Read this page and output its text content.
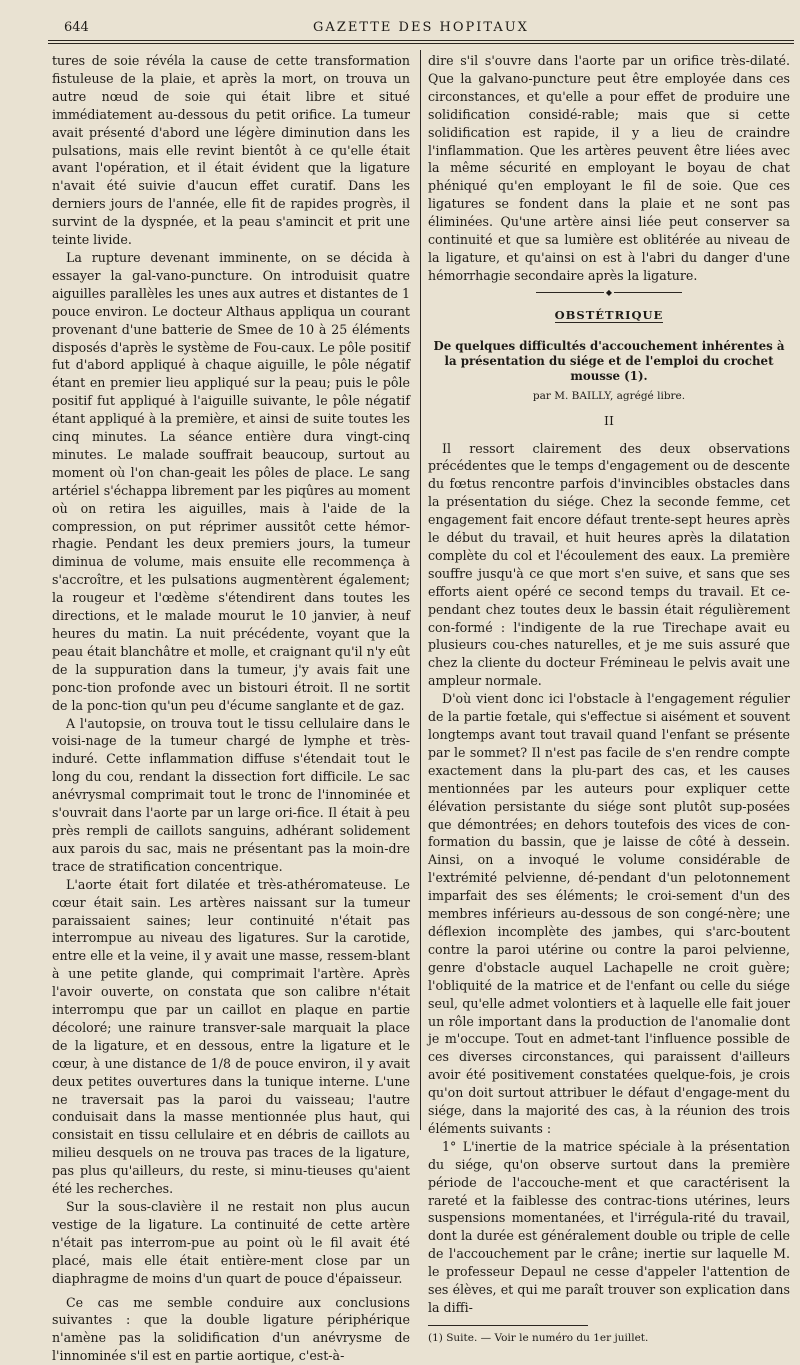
644	GAZETTE DES HOPITAUX

tures de soie révéla la cause de cette transformation fistuleuse de la plaie, et après la mort, on trouva un autre nœud de soie qui était libre et situé immédiatement au-dessous du petit orifice. La tumeur avait présenté d'abord une légère diminution dans les pulsations, mais elle revint bientôt à ce qu'elle était avant l'opération, et il était évident que la ligature n'avait été suivie d'aucun effet curatif. Dans les derniers jours de l'année, elle fit de rapides progrès, il survint de la dyspnée, et la peau s'amincit et prit une teinte livide.

La rupture devenant imminente, on se décida à essayer la gal-vano-puncture. On introduisit quatre aiguilles parallèles les unes aux autres et distantes de 1 pouce environ. Le docteur Althaus appliqua un courant provenant d'une batterie de Smee de 10 à 25 éléments disposés d'après le système de Fou-caux. Le pôle positif fut d'abord appliqué à chaque aiguille, le pôle négatif étant en premier lieu appliqué sur la peau; puis le pôle positif fut appliqué à l'aiguille suivante, le pôle négatif étant appliqué à la première, et ainsi de suite toutes les cinq minutes. La séance entière dura vingt-cinq minutes. Le malade souffrait beaucoup, surtout au moment où l'on chan-geait les pôles de place. Le sang artériel s'échappa librement par les piqûres au moment où on retira les aiguilles, mais à l'aide de la compression, on put réprimer aussitôt cette hémor-rhagie. Pendant les deux premiers jours, la tumeur diminua de volume, mais ensuite elle recommença à s'accroître, et les pulsations augmentèrent également; la rougeur et l'œdème s'étendirent dans toutes les directions, et le malade mourut le 10 janvier, à neuf heures du matin. La nuit précédente, voyant que la peau était blanchâtre et molle, et craignant qu'il n'y eût de la suppuration dans la tumeur, j'y avais fait une ponc-tion profonde avec un bistouri étroit. Il ne sortit de la ponc-tion qu'un peu d'écume sanglante et de gaz.

A l'autopsie, on trouva tout le tissu cellulaire dans le voisi-nage de la tumeur chargé de lymphe et très-induré. Cette inflammation diffuse s'étendait tout le long du cou, rendant la dissection fort difficile. Le sac anévrysmal comprimait tout le tronc de l'innominée et s'ouvrait dans l'aorte par un large ori-fice. Il était à peu près rempli de caillots sanguins, adhérant solidement aux parois du sac, mais ne présentant pas la moin-dre trace de stratification concentrique.

L'aorte était fort dilatée et très-athéromateuse. Le cœur était sain. Les artères naissant sur la tumeur paraissaient saines; leur continuité n'était pas interrompue au niveau des ligatures. Sur la carotide, entre elle et la veine, il y avait une masse, ressem-blant à une petite glande, qui comprimait l'artère. Après l'avoir ouverte, on constata que son calibre n'était interrompu que par un caillot en plaque en partie décoloré; une rainure transver-sale marquait la place de la ligature, et en dessous, entre la ligature et le cœur, à une distance de 1/8 de pouce environ, il y avait deux petites ouvertures dans la tunique interne. L'une ne traversait pas la paroi du vaisseau; l'autre conduisait dans la masse mentionnée plus haut, qui consistait en tissu cellulaire et en débris de caillots au milieu desquels on ne trouva pas traces de la ligature, pas plus qu'ailleurs, du reste, si minu-tieuses qu'aient été les recherches.

Sur la sous-clavière il ne restait non plus aucun vestige de la ligature. La continuité de cette artère n'était pas interrom-pue au point où le fil avait été placé, mais elle était entière-ment close par un diaphragme de moins d'un quart de pouce d'épaisseur.

Ce cas me semble conduire aux conclusions suivantes : que la double ligature périphérique n'amène pas la solidification d'un anévrysme de l'innominée s'il est en partie aortique, c'est-à-

dire s'il s'ouvre dans l'aorte par un orifice très-dilaté. Que la galvano-puncture peut être employée dans ces circonstances, et qu'elle a pour effet de produire une solidification considé-rable; mais que si cette solidification est rapide, il y a lieu de craindre l'inflammation. Que les artères peuvent être liées avec la même sécurité en employant le boyau de chat phéniqué qu'en employant le fil de soie. Que ces ligatures se fondent dans la plaie et ne sont pas éliminées. Qu'une artère ainsi liée peut conserver sa continuité et que sa lumière est oblitérée au niveau de la ligature, et qu'ainsi on est à l'abri du danger d'une hémorrhagie secondaire après la ligature.

◆
OBSTÉTRIQUE
De quelques difficultés d'accouchement inhérentes à la présentation du siége et de l'emploi du crochet mousse (1).
par M. BAILLY, agrégé libre.
II

Il ressort clairement des deux observations précédentes que le temps d'engagement ou de descente du fœtus rencontre parfois d'invincibles obstacles dans la présentation du siége. Chez la seconde femme, cet engagement fait encore défaut trente-sept heures après le début du travail, et huit heures après la dilatation complète du col et l'écoulement des eaux. La première souffre jusqu'à ce que mort s'en suive, et sans que ses efforts aient opéré ce second temps du travail. Et ce-pendant chez toutes deux le bassin était régulièrement con-formé : l'indigente de la rue Tirechape avait eu plusieurs cou-ches naturelles, et je me suis assuré que chez la cliente du docteur Frémineau le pelvis avait une ampleur normale.

D'où vient donc ici l'obstacle à l'engagement régulier de la partie fœtale, qui s'effectue si aisément et souvent longtemps avant tout travail quand l'enfant se présente par le sommet? Il n'est pas facile de s'en rendre compte exactement dans la plu-part des cas, et les causes mentionnées par les auteurs pour expliquer cette élévation persistante du siége sont plutôt sup-posées que démontrées; en dehors toutefois des vices de con-formation du bassin, que je laisse de côté à dessein. Ainsi, on a invoqué le volume considérable de l'extrémité pelvienne, dé-pendant d'un pelotonnement imparfait des ses éléments; le croi-sement d'un des membres inférieurs au-dessous de son congé-nère; une déflexion incomplète des jambes, qui s'arc-boutent contre la paroi utérine ou contre la paroi pelvienne, genre d'obstacle auquel Lachapelle ne croit guère; l'obliquité de la matrice et de l'enfant ou celle du siége seul, qu'elle admet volontiers et à laquelle elle fait jouer un rôle important dans la production de l'anomalie dont je m'occupe. Tout en admet-tant l'influence possible de ces diverses circonstances, qui paraissent d'ailleurs avoir été positivement constatées quelque-fois, je crois qu'on doit surtout attribuer le défaut d'engage-ment du siége, dans la majorité des cas, à la réunion des trois éléments suivants :

1° L'inertie de la matrice spéciale à la présentation du siége, qu'on observe surtout dans la première période de l'accouche-ment et que caractérisent la rareté et la faiblesse des contrac-tions utérines, leurs suspensions momentanées, et l'irrégula-rité du travail, dont la durée est généralement double ou triple de celle de l'accouchement par le crâne; inertie sur laquelle M. le professeur Depaul ne cesse d'appeler l'attention de ses élèves, et qui me paraît trouver son explication dans la diffi-

(1) Suite. — Voir le numéro du 1er juillet.
